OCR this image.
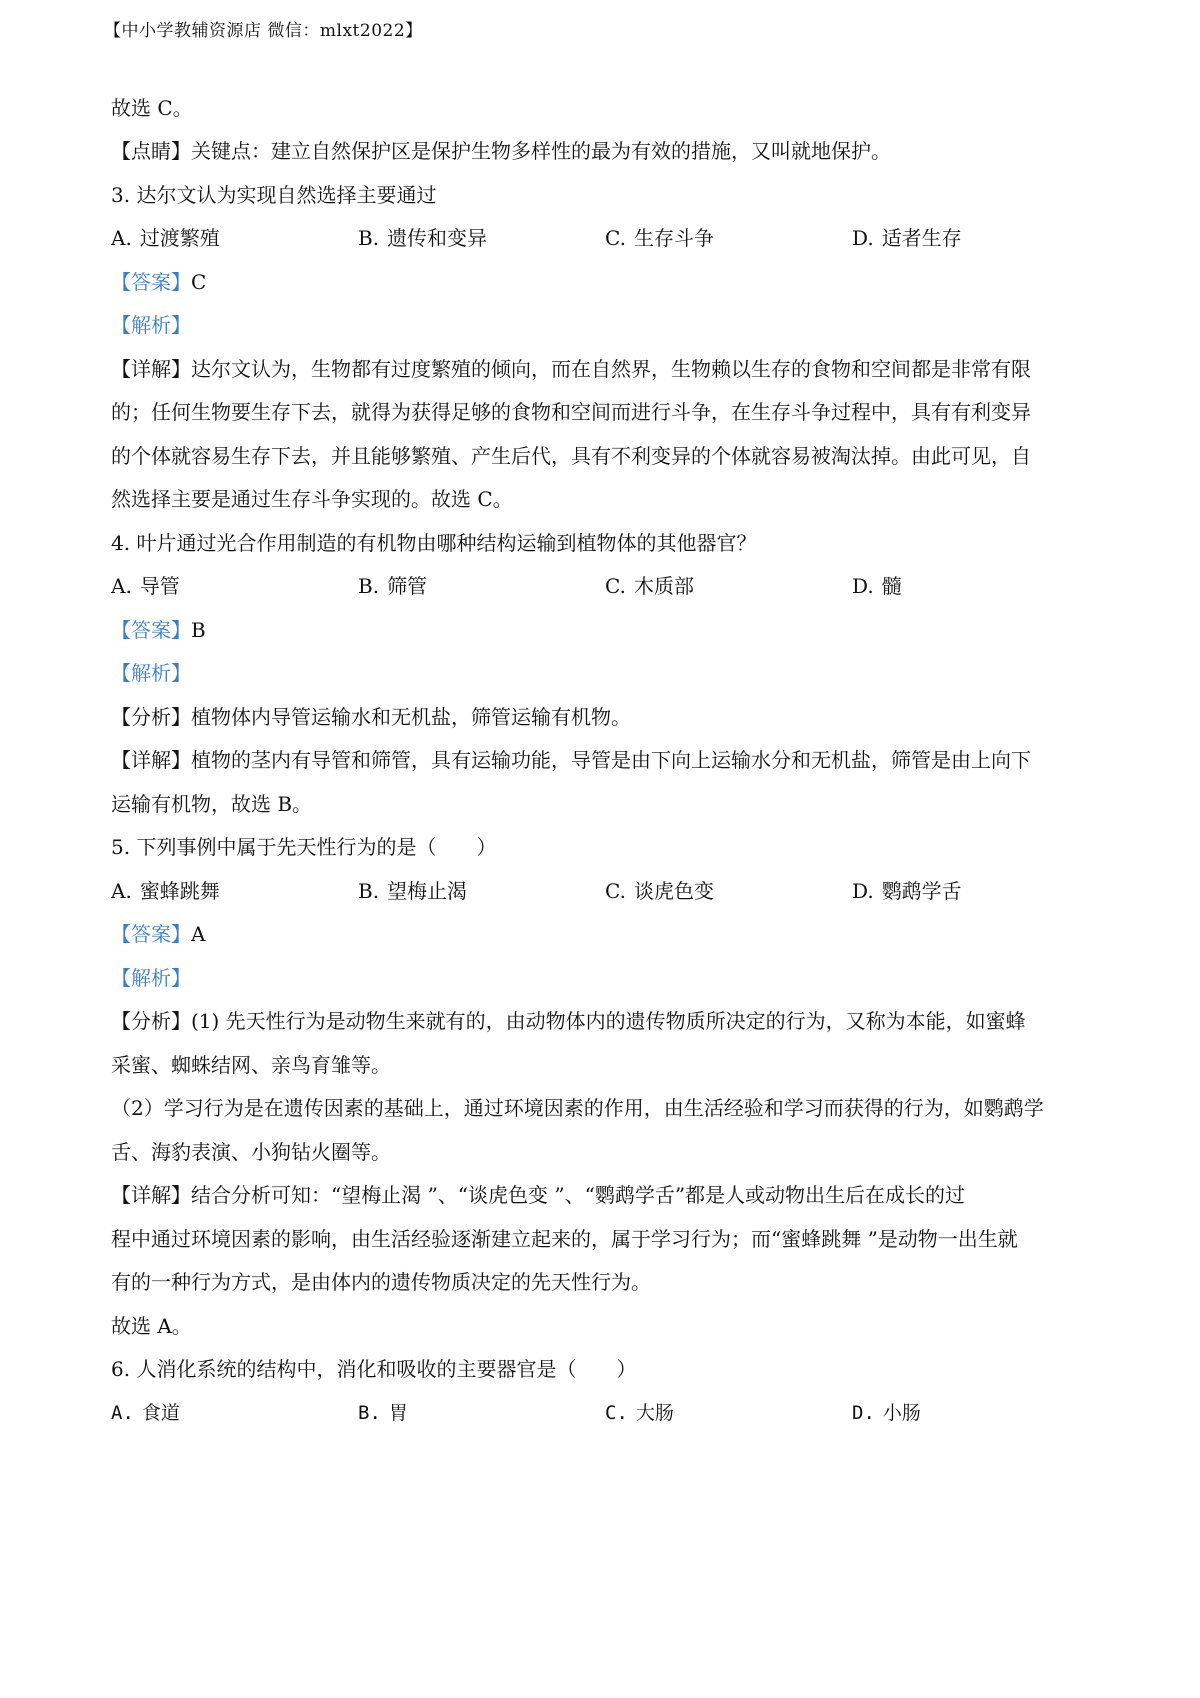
【中小学教辅资源店 微信：mlxt2022】
故选 C。
【点睛】关键点：建立自然保护区是保护生物多样性的最为有效的措施，又叫就地保护。
3. 达尔文认为实现自然选择主要通过
A. 过渡繁殖	B. 遗传和变异	C. 生存斗争	D. 适者生存
【答案】C
【解析】
【详解】达尔文认为，生物都有过度繁殖的倾向，而在自然界，生物赖以生存的食物和空间都是非常有限
的；任何生物要生存下去，就得为获得足够的食物和空间而进行斗争，在生存斗争过程中，具有有利变异
的个体就容易生存下去，并且能够繁殖、产生后代，具有不利变异的个体就容易被淘汰掉。由此可见，自
然选择主要是通过生存斗争实现的。故选 C。
4. 叶片通过光合作用制造的有机物由哪种结构运输到植物体的其他器官？
A. 导管	B. 筛管	C. 木质部	D. 髓
【答案】B
【解析】
【分析】植物体内导管运输水和无机盐，筛管运输有机物。
【详解】植物的茎内有导管和筛管，具有运输功能，导管是由下向上运输水分和无机盐，筛管是由上向下
运输有机物，故选 B。
5. 下列事例中属于先天性行为的是（　　）
A. 蜜蜂跳舞	B. 望梅止渴	C. 谈虎色变	D. 鹦鹉学舌
【答案】A
【解析】
【分析】(1) 先天性行为是动物生来就有的，由动物体内的遗传物质所决定的行为，又称为本能，如蜜蜂
采蜜、蜘蛛结网、亲鸟育雏等。
（2）学习行为是在遗传因素的基础上，通过环境因素的作用，由生活经验和学习而获得的行为，如鹦鹉学
舌、海豹表演、小狗钻火圈等。
【详解】结合分析可知：“望梅止渴 ”、“谈虎色变 ”、“鹦鹉学舌”都是人或动物出生后在成长的过
程中通过环境因素的影响，由生活经验逐渐建立起来的，属于学习行为；而“蜜蜂跳舞 ”是动物一出生就
有的一种行为方式，是由体内的遗传物质决定的先天性行为。
故选 A。
6. 人消化系统的结构中，消化和吸收的主要器官是（　　）
A. 食道	B. 胃	C. 大肠	D. 小肠
